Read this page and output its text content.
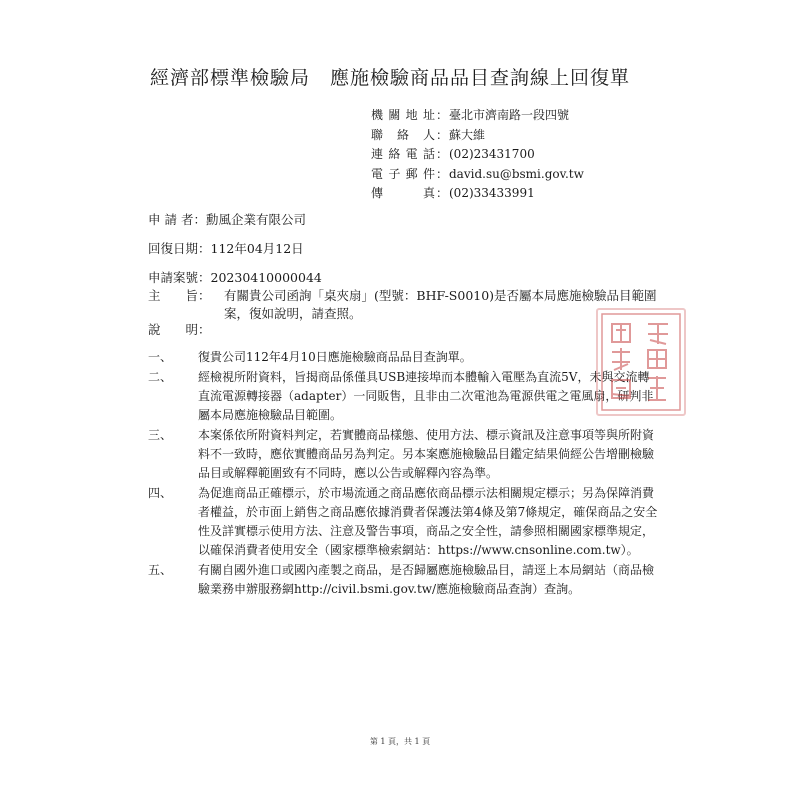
經濟部標準檢驗局　應施檢驗商品品目查詢線上回復單
機關地址：臺北市濟南路一段四號
聯絡人：蘇大維
連絡電話：(02)23431700
電子郵件：david.su@bsmi.gov.tw
傳真：(02)33433991
申 請 者：勳風企業有限公司
回復日期：112年04月12日
申請案號：20230410000044
主　　旨：	有關貴公司函詢「桌夾扇」(型號：BHF-S0010)是否屬本局應施檢驗品目範圍案，復如說明，請查照。
說　　明：
一、 復貴公司112年4月10日應施檢驗商品品目查詢單。
二、 經檢視所附資料，旨揭商品係僅具USB連接埠而本體輸入電壓為直流5V，未與交流轉直流電源轉接器（adapter）一同販售，且非由二次電池為電源供電之電風扇，研判非屬本局應施檢驗品目範圍。
三、 本案係依所附資料判定，若實體商品樣態、使用方法、標示資訊及注意事項等與所附資料不一致時，應依實體商品另為判定。另本案應施檢驗品目鑑定結果倘經公告增刪檢驗品目或解釋範圍致有不同時，應以公告或解釋內容為準。
四、 為促進商品正確標示，於市場流通之商品應依商品標示法相關規定標示；另為保障消費者權益，於市面上銷售之商品應依據消費者保護法第4條及第7條規定，確保商品之安全性及詳實標示使用方法、注意及警告事項，商品之安全性，請參照相關國家標準規定，以確保消費者使用安全（國家標準檢索網站：https://www.cnsonline.com.tw）。
五、 有關自國外進口或國內產製之商品，是否歸屬應施檢驗品目，請逕上本局網站（商品檢驗業務申辦服務網http://civil.bsmi.gov.tw/應施檢驗商品查詢）查詢。
第 1 頁，共 1 頁
